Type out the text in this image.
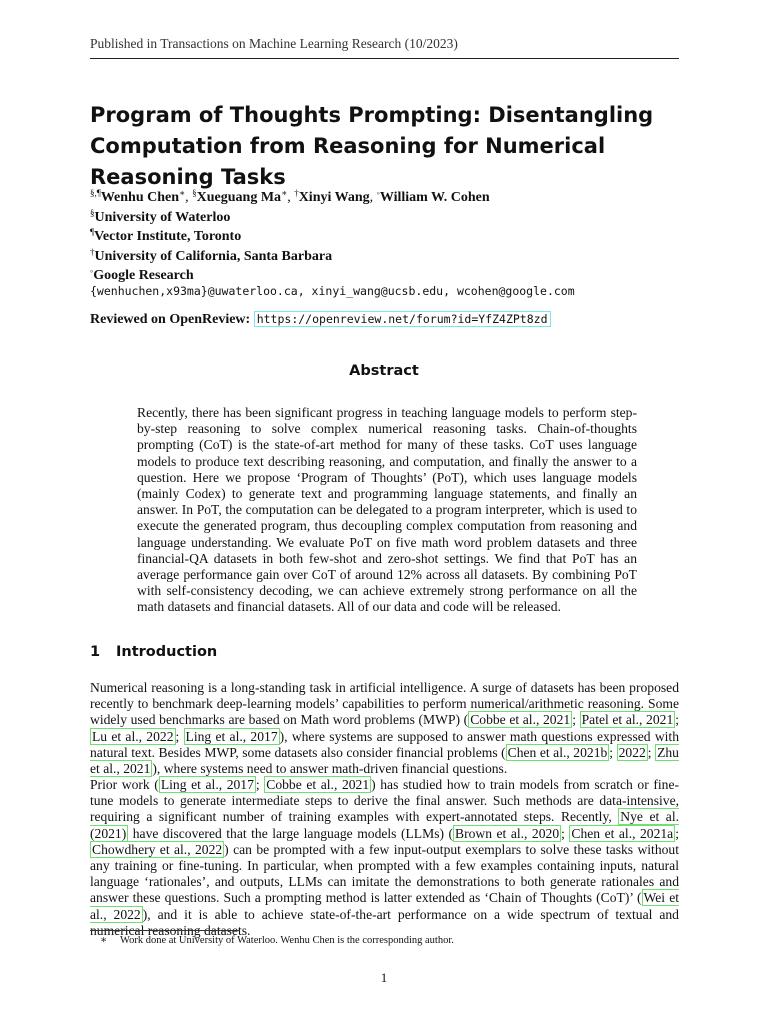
Published in Transactions on Machine Learning Research (10/2023)
Program of Thoughts Prompting: Disentangling Computation from Reasoning for Numerical Reasoning Tasks
§,¶Wenhu Chen∗, §Xueguang Ma∗, †Xinyi Wang, ◦William W. Cohen
§University of Waterloo
¶Vector Institute, Toronto
†University of California, Santa Barbara
◦Google Research
{wenhuchen,x93ma}@uwaterloo.ca, xinyi_wang@ucsb.edu, wcohen@google.com
Reviewed on OpenReview: https://openreview.net/forum?id=YfZ4ZPt8zd
Abstract
Recently, there has been significant progress in teaching language models to perform step-by-step reasoning to solve complex numerical reasoning tasks. Chain-of-thoughts prompting (CoT) is the state-of-art method for many of these tasks. CoT uses language models to produce text describing reasoning, and computation, and finally the answer to a question. Here we propose ‘Program of Thoughts’ (PoT), which uses language models (mainly Codex) to generate text and programming language statements, and finally an answer. In PoT, the computation can be delegated to a program interpreter, which is used to execute the generated program, thus decoupling complex computation from reasoning and language understanding. We evaluate PoT on five math word problem datasets and three financial-QA datasets in both few-shot and zero-shot settings. We find that PoT has an average performance gain over CoT of around 12% across all datasets. By combining PoT with self-consistency decoding, we can achieve extremely strong performance on all the math datasets and financial datasets. All of our data and code will be released.
1 Introduction
Numerical reasoning is a long-standing task in artificial intelligence. A surge of datasets has been proposed recently to benchmark deep-learning models’ capabilities to perform numerical/arithmetic reasoning. Some widely used benchmarks are based on Math word problems (MWP) ( Cobbe et al., 2021 ; Patel et al., 2021 ; Lu et al., 2022 ; Ling et al., 2017 ), where systems are supposed to answer math questions expressed with natural text. Besides MWP, some datasets also consider financial problems ( Chen et al., 2021b ; 2022 ; Zhu et al., 2021 ), where systems need to answer math-driven financial questions.
Prior work ( Ling et al., 2017 ; Cobbe et al., 2021 ) has studied how to train models from scratch or fine-tune models to generate intermediate steps to derive the final answer. Such methods are data-intensive, requiring a significant number of training examples with expert-annotated steps. Recently, Nye et al. (2021) have discovered that the large language models (LLMs) ( Brown et al., 2020 ; Chen et al., 2021a ; Chowdhery et al., 2022 ) can be prompted with a few input-output exemplars to solve these tasks without any training or fine-tuning. In particular, when prompted with a few examples containing inputs, natural language ‘rationales’, and outputs, LLMs can imitate the demonstrations to both generate rationales and answer these questions. Such a prompting method is latter extended as ‘Chain of Thoughts (CoT)’ ( Wei et al., 2022 ), and it is able to achieve state-of-the-art performance on a wide spectrum of textual and numerical reasoning datasets.
∗ Work done at University of Waterloo. Wenhu Chen is the corresponding author.
1
